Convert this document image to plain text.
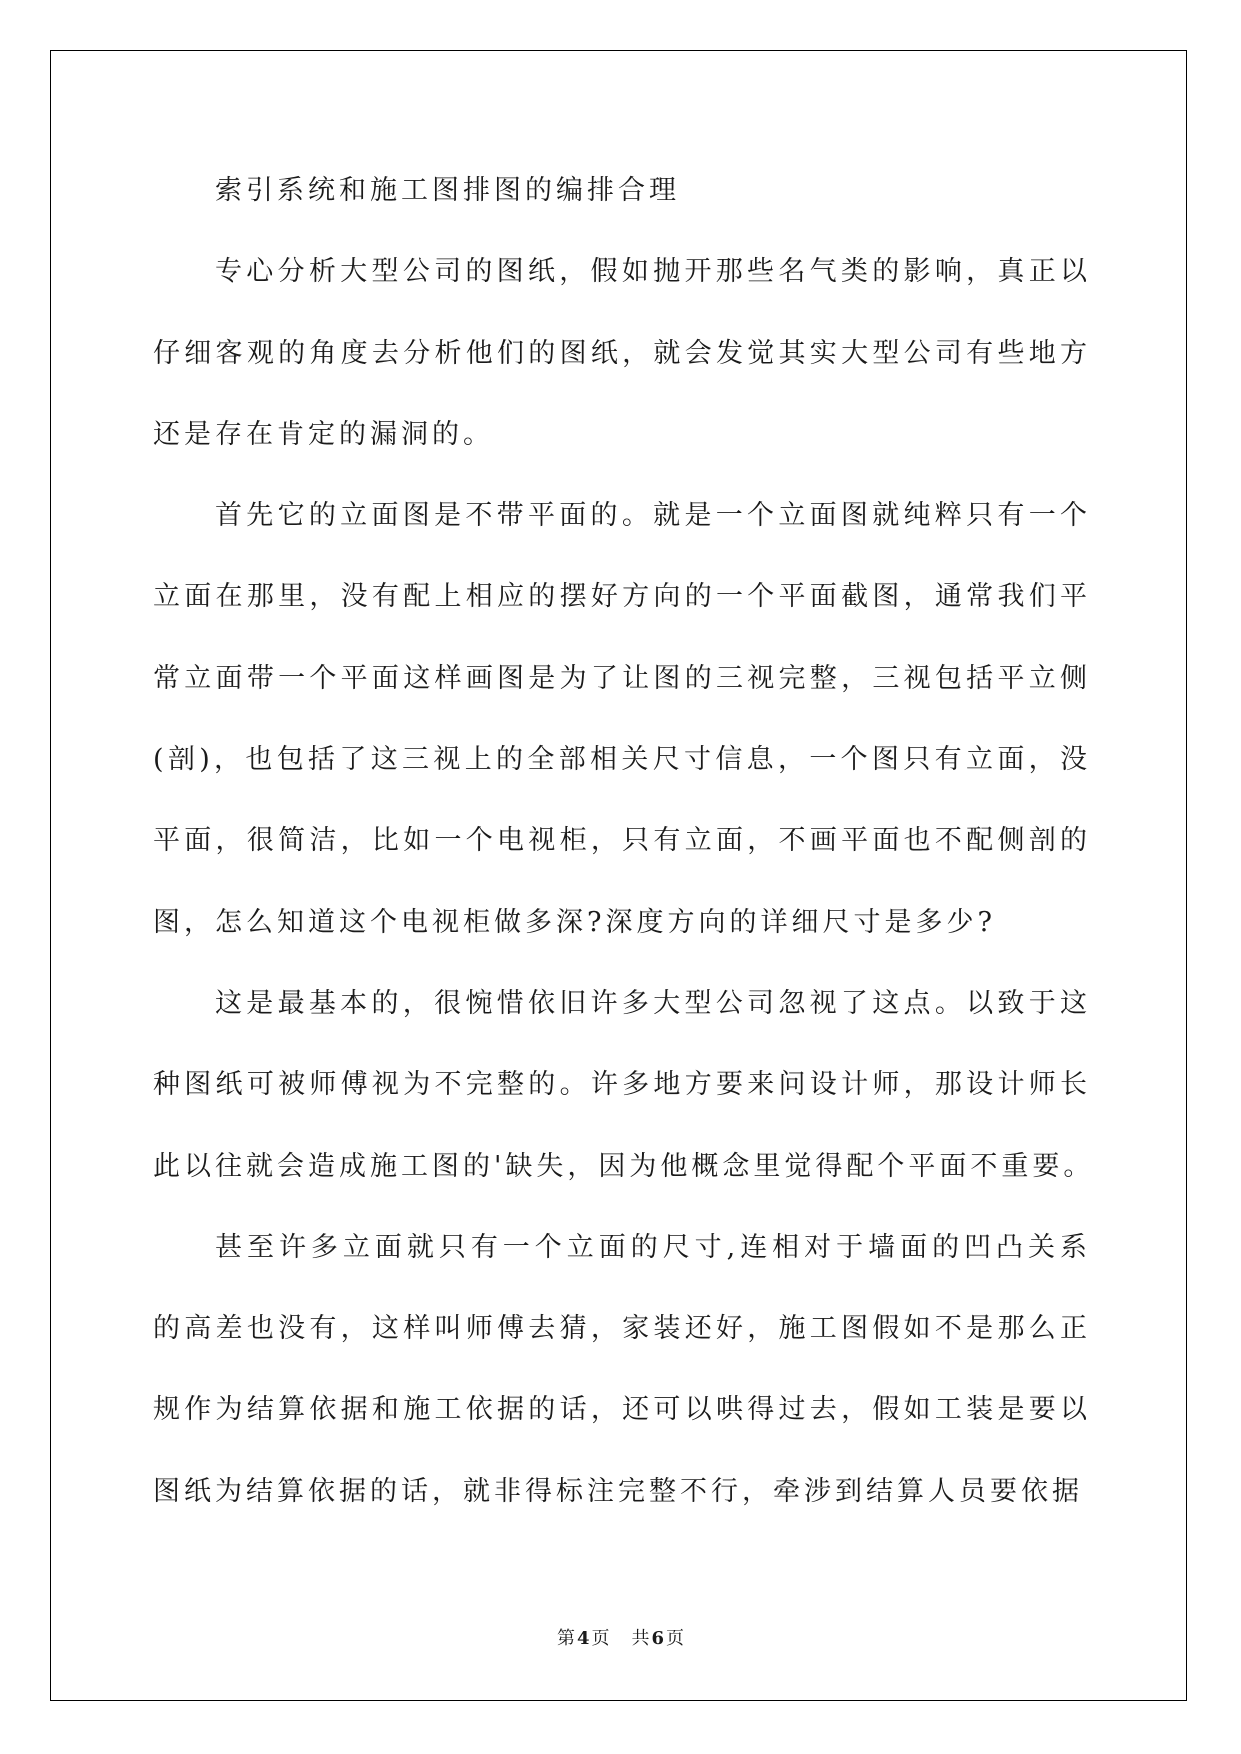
索引系统和施工图排图的编排合理
专心分析大型公司的图纸，假如抛开那些名气类的影响，真正以
仔细客观的角度去分析他们的图纸，就会发觉其实大型公司有些地方
还是存在肯定的漏洞的。
首先它的立面图是不带平面的。就是一个立面图就纯粹只有一个
立面在那里，没有配上相应的摆好方向的一个平面截图，通常我们平
常立面带一个平面这样画图是为了让图的三视完整，三视包括平立侧
(剖)，也包括了这三视上的全部相关尺寸信息，一个图只有立面，没
平面，很简洁，比如一个电视柜，只有立面，不画平面也不配侧剖的
图，怎么知道这个电视柜做多深?深度方向的详细尺寸是多少?
这是最基本的，很惋惜依旧许多大型公司忽视了这点。以致于这
种图纸可被师傅视为不完整的。许多地方要来问设计师，那设计师长
此以往就会造成施工图的'缺失，因为他概念里觉得配个平面不重要。
甚至许多立面就只有一个立面的尺寸,连相对于墙面的凹凸关系
的高差也没有，这样叫师傅去猜，家装还好，施工图假如不是那么正
规作为结算依据和施工依据的话，还可以哄得过去，假如工装是要以
图纸为结算依据的话，就非得标注完整不行，牵涉到结算人员要依据
第 4 页 共 6 页
